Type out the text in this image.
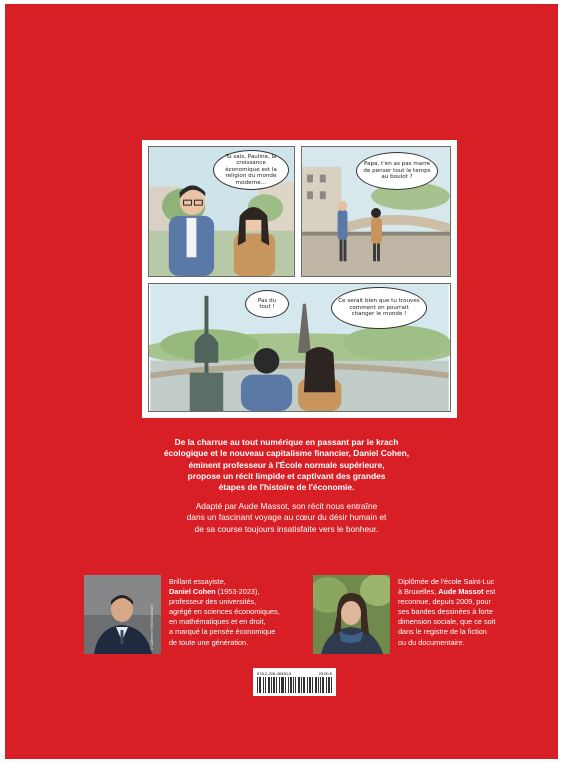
Tu sais, Pauline, la croissance économique est la religion du monde moderne…
Papa, t'en as pas marre de penser tout le temps au boulot ?
Pas du tout !
Ce serait bien que tu trouves comment on pourrait changer le monde !
De la charrue au tout numérique en passant par le krach
écologique et le nouveau capitalisme financier, Daniel Cohen,
éminent professeur à l'École normale supérieure,
propose un récit limpide et captivant des grandes
étapes de l'histoire de l'économie.
Adapté par Aude Massot, son récit nous entraîne
dans un fascinant voyage au cœur du désir humain et
de sa course toujours insatisfaite vers le bonheur.
© Catherine Hélie/Gallimard
Brillant essayiste,
Daniel Cohen (1953-2023),
professeur des universités,
agrégé en sciences économiques,
en mathématiques et en droit,
a marqué la pensée économique
de toute une génération.
Diplômée de l'école Saint-Luc
à Bruxelles, Aude Massot est
reconnue, depuis 2009, pour
ses bandes dessinées à forte
dimension sociale, que ce soit
dans le registre de la fiction
ou du documentaire.
978-2-226-49330-4	23,90 €
